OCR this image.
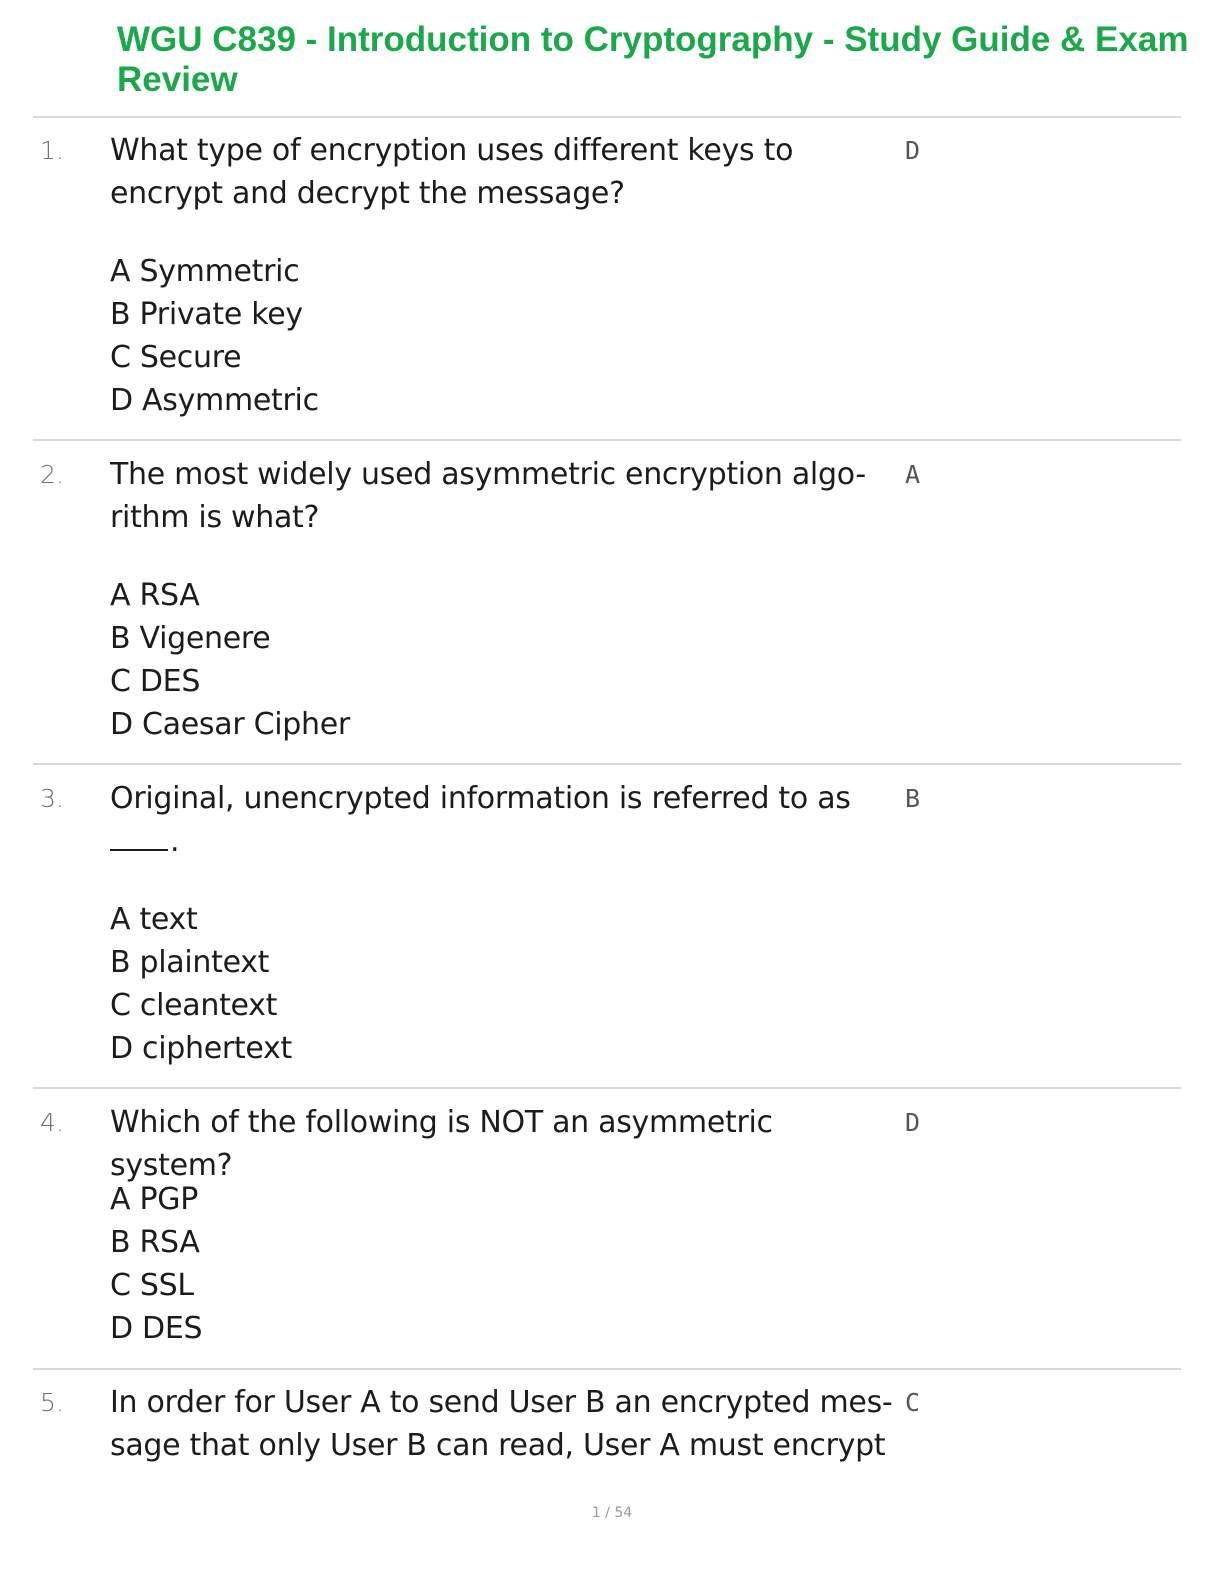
WGU C839 - Introduction to Cryptography - Study Guide & Exam Review
1. What type of encryption uses different keys to encrypt and decrypt the message?
D
A Symmetric
B Private key
C Secure
D Asymmetric
2. The most widely used asymmetric encryption algo-rithm is what?
A
A RSA
B Vigenere
C DES
D Caesar Cipher
3. Original, unencrypted information is referred to as
.
B
A text
B plaintext
C cleantext
D ciphertext
4. Which of the following is NOT an asymmetric system?
D
A PGP
B RSA
C SSL
D DES
5. In order for User A to send User B an encrypted mes-sage that only User B can read, User A must encrypt
C
1 / 54
